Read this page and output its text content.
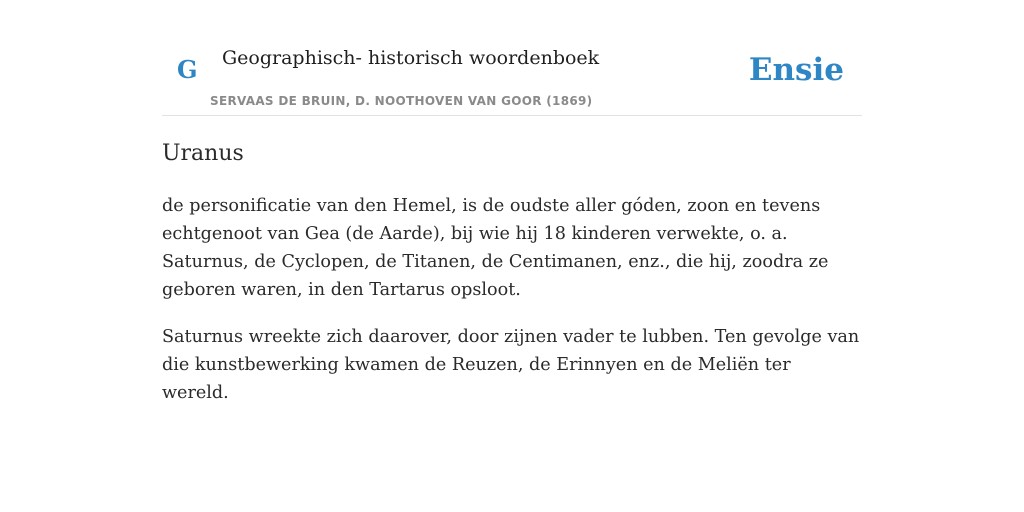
G Geographisch- historisch woordenboek
SERVAAS DE BRUIN, D. NOOTHOVEN VAN GOOR (1869)
Ensie
Uranus

de personificatie van den Hemel, is de oudste aller góden, zoon en tevens echtgenoot van Gea (de Aarde), bij wie hij 18 kinderen verwekte, o. a. Saturnus, de Cyclopen, de Titanen, de Centimanen, enz., die hij, zoodra ze geboren waren, in den Tartarus opsloot.

Saturnus wreekte zich daarover, door zijnen vader te lubben. Ten gevolge van die kunstbewerking kwamen de Reuzen, de Erinnyen en de Meliën ter wereld.
